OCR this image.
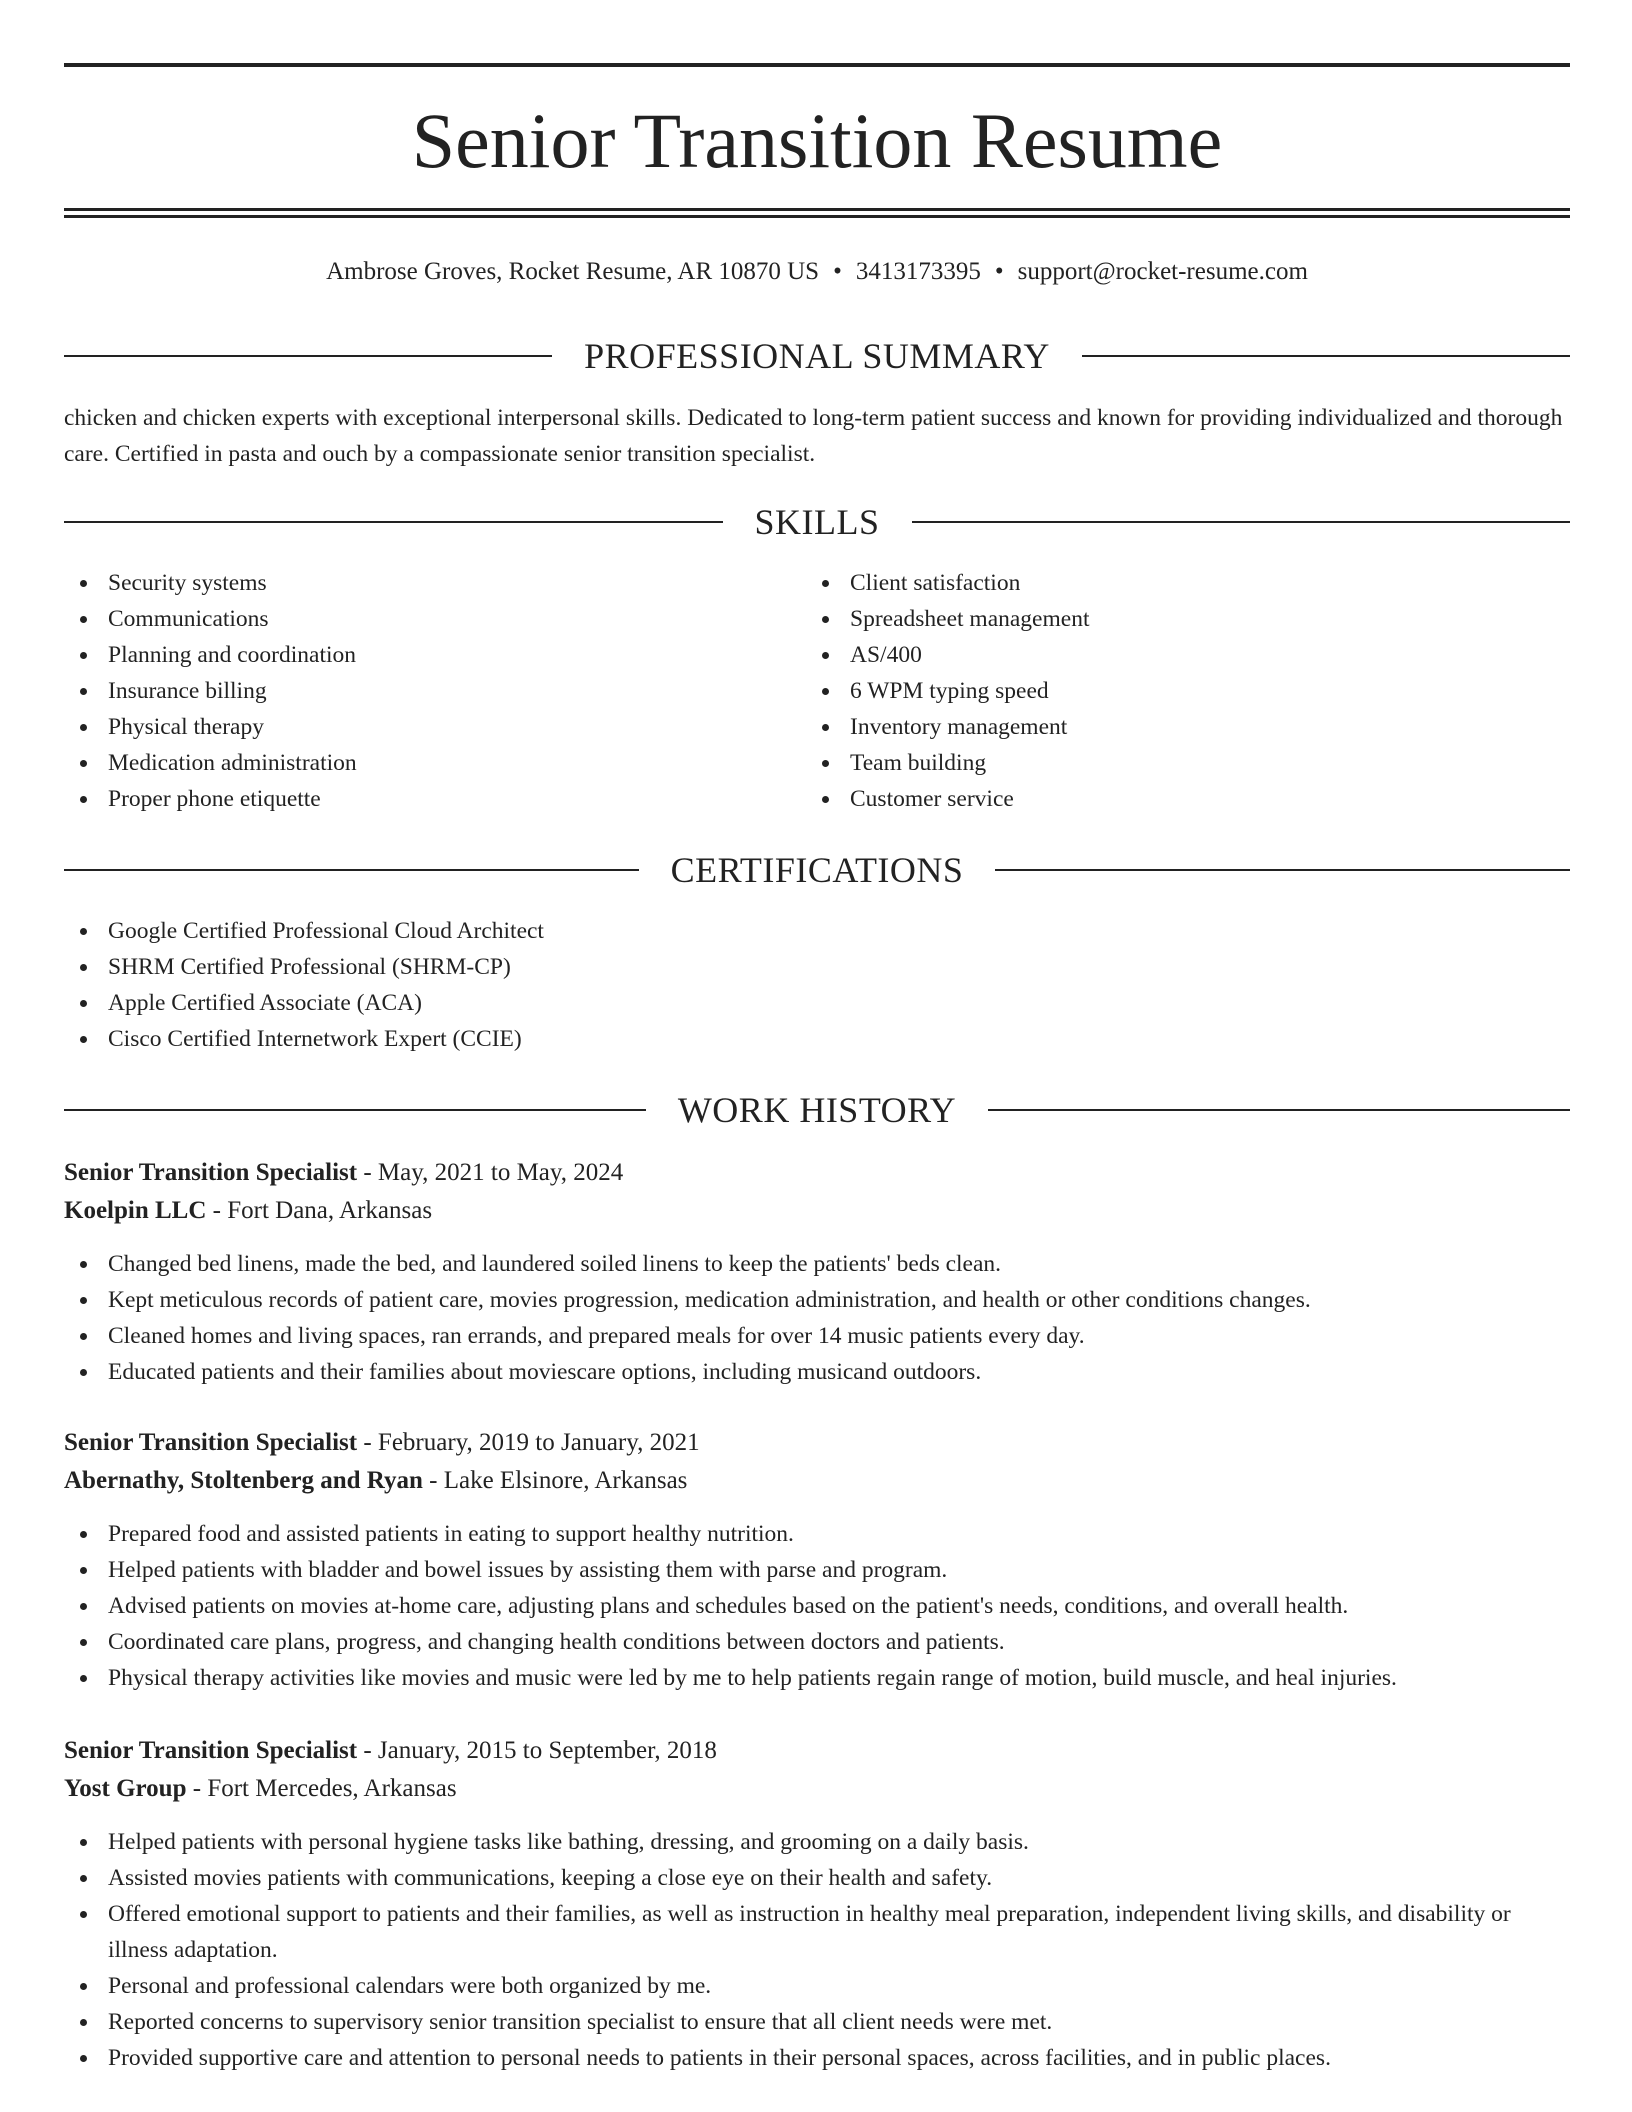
Senior Transition Resume
Ambrose Groves, Rocket Resume, AR 10870 US • 3413173395 • support@rocket-resume.com
PROFESSIONAL SUMMARY
chicken and chicken experts with exceptional interpersonal skills. Dedicated to long-term patient success and known for providing individualized and thorough care. Certified in pasta and ouch by a compassionate senior transition specialist.
SKILLS
Security systems
Communications
Planning and coordination
Insurance billing
Physical therapy
Medication administration
Proper phone etiquette
Client satisfaction
Spreadsheet management
AS/400
6 WPM typing speed
Inventory management
Team building
Customer service
CERTIFICATIONS
Google Certified Professional Cloud Architect
SHRM Certified Professional (SHRM-CP)
Apple Certified Associate (ACA)
Cisco Certified Internetwork Expert (CCIE)
WORK HISTORY
Senior Transition Specialist - May, 2021 to May, 2024
Koelpin LLC - Fort Dana, Arkansas
Changed bed linens, made the bed, and laundered soiled linens to keep the patients' beds clean.
Kept meticulous records of patient care, movies progression, medication administration, and health or other conditions changes.
Cleaned homes and living spaces, ran errands, and prepared meals for over 14 music patients every day.
Educated patients and their families about moviescare options, including musicand outdoors.
Senior Transition Specialist - February, 2019 to January, 2021
Abernathy, Stoltenberg and Ryan - Lake Elsinore, Arkansas
Prepared food and assisted patients in eating to support healthy nutrition.
Helped patients with bladder and bowel issues by assisting them with parse and program.
Advised patients on movies at-home care, adjusting plans and schedules based on the patient's needs, conditions, and overall health.
Coordinated care plans, progress, and changing health conditions between doctors and patients.
Physical therapy activities like movies and music were led by me to help patients regain range of motion, build muscle, and heal injuries.
Senior Transition Specialist - January, 2015 to September, 2018
Yost Group - Fort Mercedes, Arkansas
Helped patients with personal hygiene tasks like bathing, dressing, and grooming on a daily basis.
Assisted movies patients with communications, keeping a close eye on their health and safety.
Offered emotional support to patients and their families, as well as instruction in healthy meal preparation, independent living skills, and disability or illness adaptation.
Personal and professional calendars were both organized by me.
Reported concerns to supervisory senior transition specialist to ensure that all client needs were met.
Provided supportive care and attention to personal needs to patients in their personal spaces, across facilities, and in public places.
